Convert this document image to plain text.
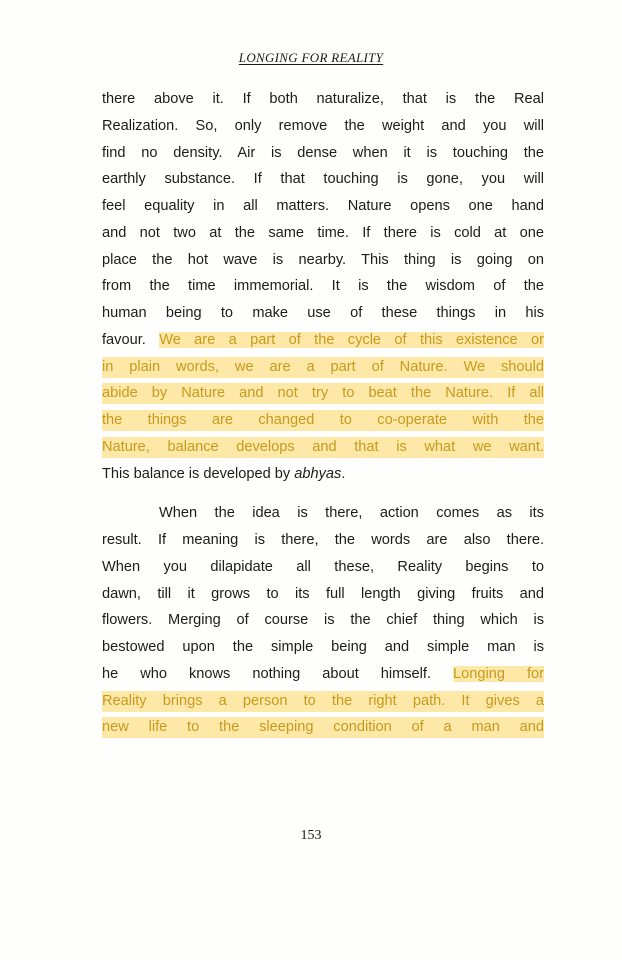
LONGING FOR REALITY
there above it. If both naturalize, that is the Real
Realization. So, only remove the weight and you will
find no density. Air is dense when it is touching the
earthly substance. If that touching is gone, you will
feel equality in all matters. Nature opens one hand
and not two at the same time. If there is cold at one
place the hot wave is nearby. This thing is going on
from the time immemorial. It is the wisdom of the
human being to make use of these things in his
favour. We are a part of the cycle of this existence or
in plain words, we are a part of Nature. We should
abide by Nature and not try to beat the Nature. If all
the things are changed to co-operate with the
Nature, balance develops and that is what we want.
This balance is developed by abhyas.
When the idea is there, action comes as its
result. If meaning is there, the words are also there.
When you dilapidate all these, Reality begins to
dawn, till it grows to its full length giving fruits and
flowers. Merging of course is the chief thing which is
bestowed upon the simple being and simple man is
he who knows nothing about himself. Longing for
Reality brings a person to the right path. It gives a
new life to the sleeping condition of a man and
153
